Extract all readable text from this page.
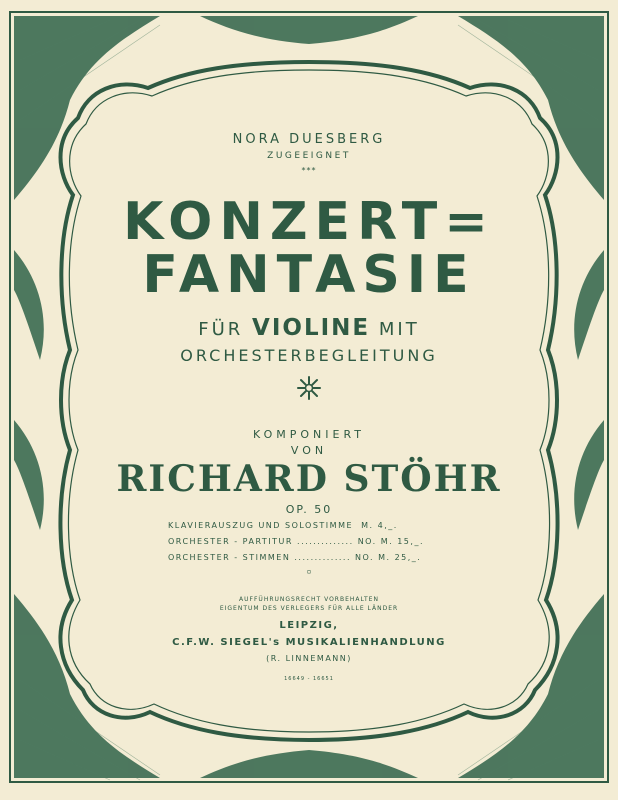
NORA DUESBERG
ZUGEEIGNET
***
KONZERT=
FANTASIE
FÜR VIOLINE MIT
ORCHESTERBEGLEITUNG
KOMPONIERT
VON
RICHARD STÖHR
OP. 50
KLAVIERAUSZUG UND SOLOSTIMME M. 4,_.
ORCHESTER - PARTITUR .............. NO. M. 15,_.
ORCHESTER - STIMMEN .............. NO. M. 25,_.
⸋
AUFFÜHRUNGSRECHT VORBEHALTEN
EIGENTUM DES VERLEGERS FÜR ALLE LÄNDER
LEIPZIG,
C.F.W. SIEGEL's MUSIKALIENHANDLUNG
(R. LINNEMANN)
16649 - 16651
